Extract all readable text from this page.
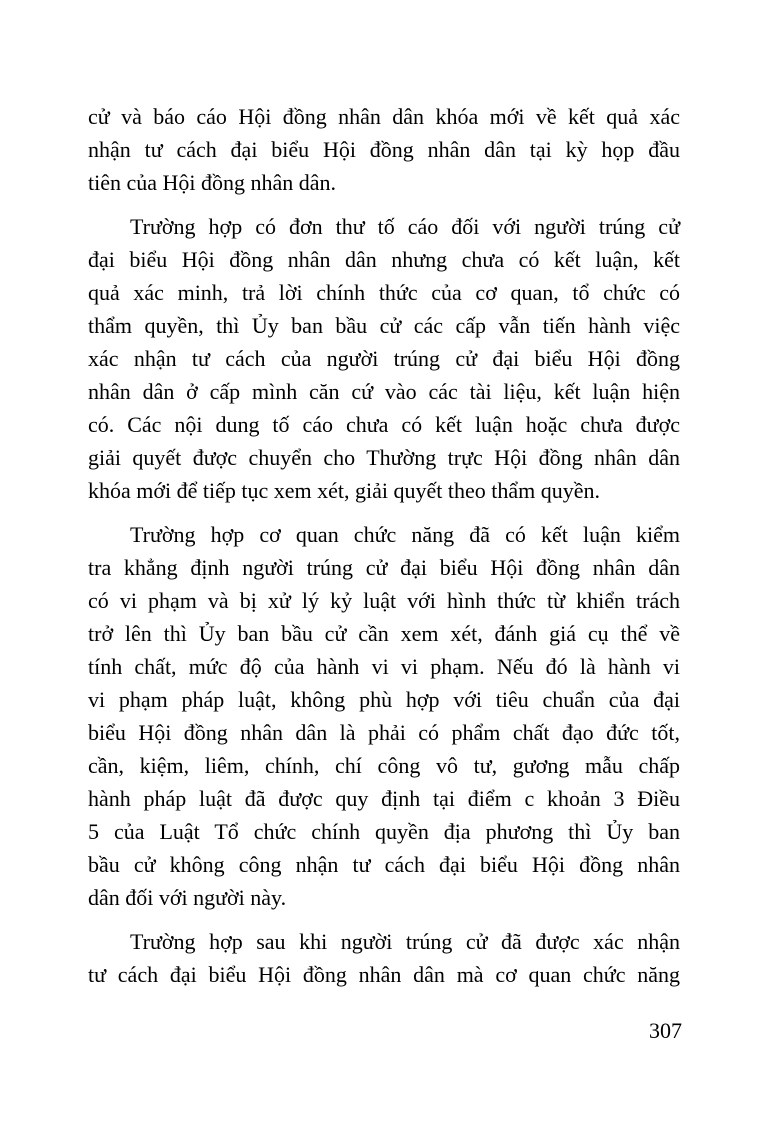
cử và báo cáo Hội đồng nhân dân khóa mới về kết quả xác
nhận tư cách đại biểu Hội đồng nhân dân tại kỳ họp đầu
tiên của Hội đồng nhân dân.
Trường hợp có đơn thư tố cáo đối với người trúng cử
đại biểu Hội đồng nhân dân nhưng chưa có kết luận, kết
quả xác minh, trả lời chính thức của cơ quan, tổ chức có
thẩm quyền, thì Ủy ban bầu cử các cấp vẫn tiến hành việc
xác nhận tư cách của người trúng cử đại biểu Hội đồng
nhân dân ở cấp mình căn cứ vào các tài liệu, kết luận hiện
có. Các nội dung tố cáo chưa có kết luận hoặc chưa được
giải quyết được chuyển cho Thường trực Hội đồng nhân dân
khóa mới để tiếp tục xem xét, giải quyết theo thẩm quyền.
Trường hợp cơ quan chức năng đã có kết luận kiểm
tra khẳng định người trúng cử đại biểu Hội đồng nhân dân
có vi phạm và bị xử lý kỷ luật với hình thức từ khiển trách
trở lên thì Ủy ban bầu cử cần xem xét, đánh giá cụ thể về
tính chất, mức độ của hành vi vi phạm. Nếu đó là hành vi
vi phạm pháp luật, không phù hợp với tiêu chuẩn của đại
biểu Hội đồng nhân dân là phải có phẩm chất đạo đức tốt,
cần, kiệm, liêm, chính, chí công vô tư, gương mẫu chấp
hành pháp luật đã được quy định tại điểm c khoản 3 Điều
5 của Luật Tổ chức chính quyền địa phương thì Ủy ban
bầu cử không công nhận tư cách đại biểu Hội đồng nhân
dân đối với người này.
Trường hợp sau khi người trúng cử đã được xác nhận
tư cách đại biểu Hội đồng nhân dân mà cơ quan chức năng
307
